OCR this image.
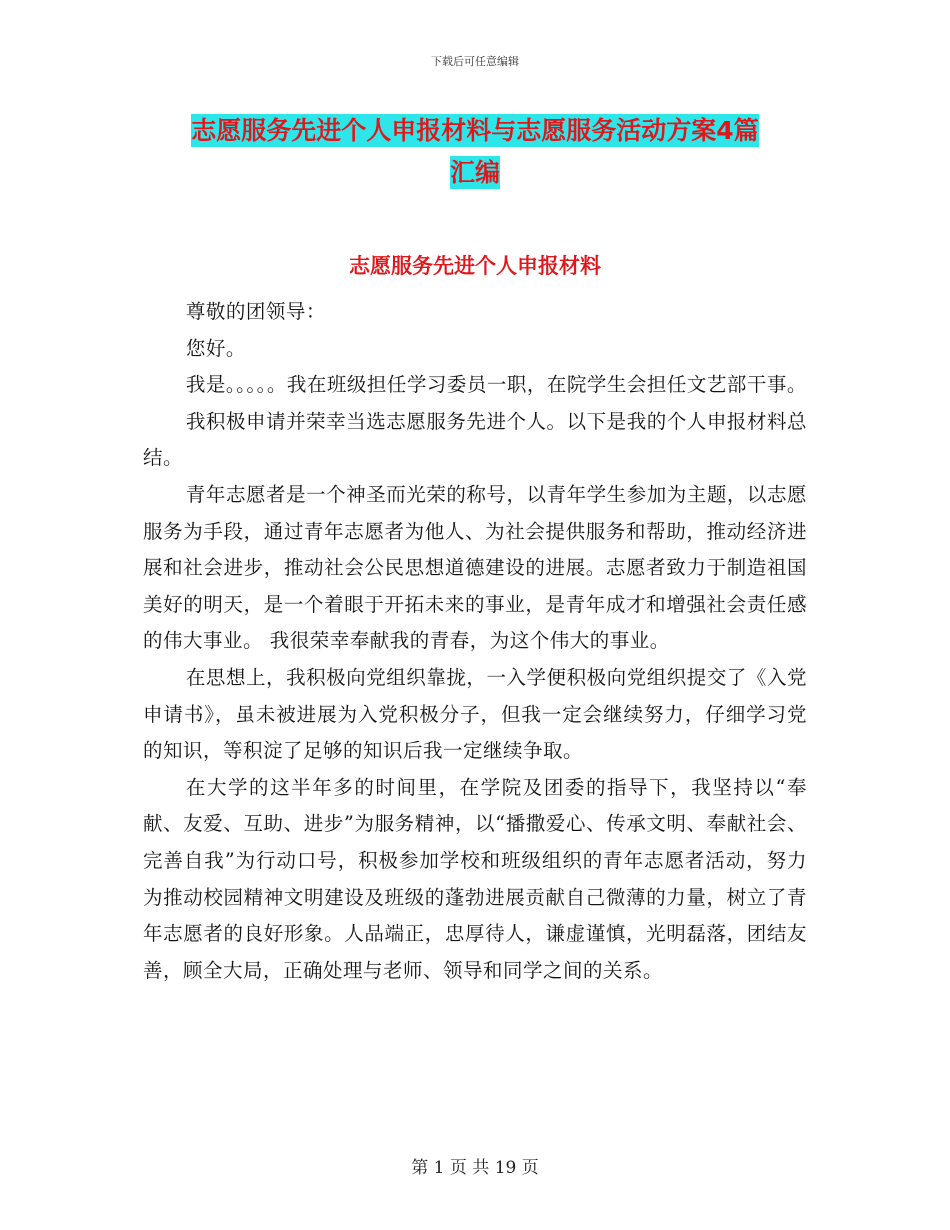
下载后可任意编辑
志愿服务先进个人申报材料与志愿服务活动方案4篇
汇编
志愿服务先进个人申报材料

尊敬的团领导：

您好。

我是。。。。。我在班级担任学习委员一职，在院学生会担任文艺部干事。

我积极申请并荣幸当选志愿服务先进个人。以下是我的个人申报材料总结。

青年志愿者是一个神圣而光荣的称号，以青年学生参加为主题，以志愿服务为手段，通过青年志愿者为他人、为社会提供服务和帮助，推动经济进展和社会进步，推动社会公民思想道德建设的进展。志愿者致力于制造祖国美好的明天，是一个着眼于开拓未来的事业，是青年成才和增强社会责任感的伟大事业。 我很荣幸奉献我的青春，为这个伟大的事业。

在思想上，我积极向党组织靠拢，一入学便积极向党组织提交了《入党申请书》，虽未被进展为入党积极分子，但我一定会继续努力，仔细学习党的知识，等积淀了足够的知识后我一定继续争取。

在大学的这半年多的时间里，在学院及团委的指导下，我坚持以“奉献、友爱、互助、进步”为服务精神，以“播撒爱心、传承文明、奉献社会、完善自我”为行动口号，积极参加学校和班级组织的青年志愿者活动，努力为推动校园精神文明建设及班级的蓬勃进展贡献自己微薄的力量，树立了青年志愿者的良好形象。人品端正，忠厚待人，谦虚谨慎，光明磊落，团结友善，顾全大局，正确处理与老师、领导和同学之间的关系。

第 1 页 共 19 页
